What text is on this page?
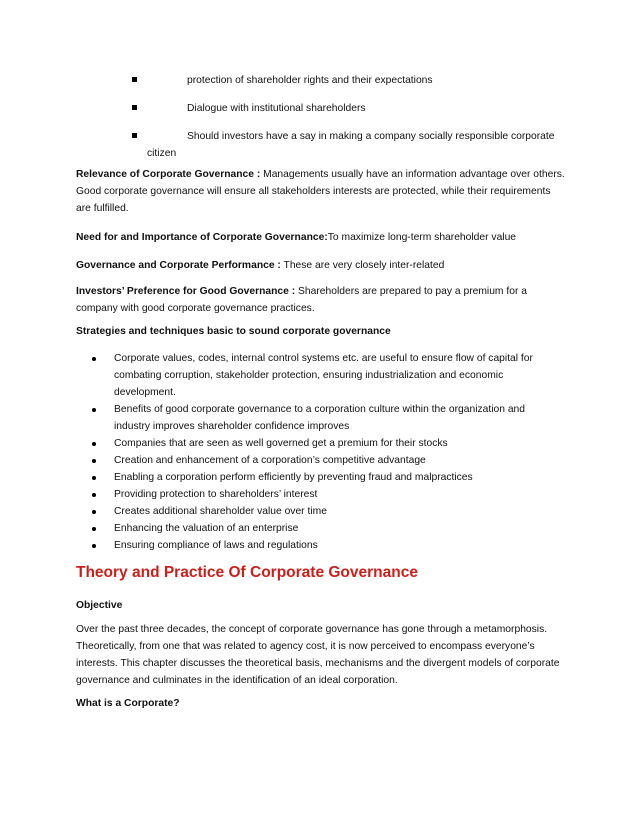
protection of shareholder rights and their expectations
Dialogue with institutional shareholders
Should investors have a say in making a company socially responsible corporate
citizen
Relevance of Corporate Governance : Managements usually have an information advantage over others. Good corporate governance will ensure all stakeholders interests are protected, while their requirements are fulfilled.
Need for and Importance of Corporate Governance:To maximize long-term shareholder value
Governance and Corporate Performance : These are very closely inter-related
Investors’ Preference for Good Governance : Shareholders are prepared to pay a premium for a company with good corporate governance practices.
Strategies and techniques basic to sound corporate governance
Corporate values, codes, internal control systems etc. are useful to ensure flow of capital for combating corruption, stakeholder protection, ensuring industrialization and economic development.
Benefits of good corporate governance to a corporation culture within the organization and industry improves shareholder confidence improves
Companies that are seen as well governed get a premium for their stocks
Creation and enhancement of a corporation’s competitive advantage
Enabling a corporation perform efficiently by preventing fraud and malpractices
Providing protection to shareholders’ interest
Creates additional shareholder value over time
Enhancing the valuation of an enterprise
Ensuring compliance of laws and regulations
Theory and Practice Of Corporate Governance
Objective
Over the past three decades, the concept of corporate governance has gone through a metamorphosis. Theoretically, from one that was related to agency cost, it is now perceived to encompass everyone’s interests. This chapter discusses the theoretical basis, mechanisms and the divergent models of corporate governance and culminates in the identification of an ideal corporation.
What is a Corporate?
